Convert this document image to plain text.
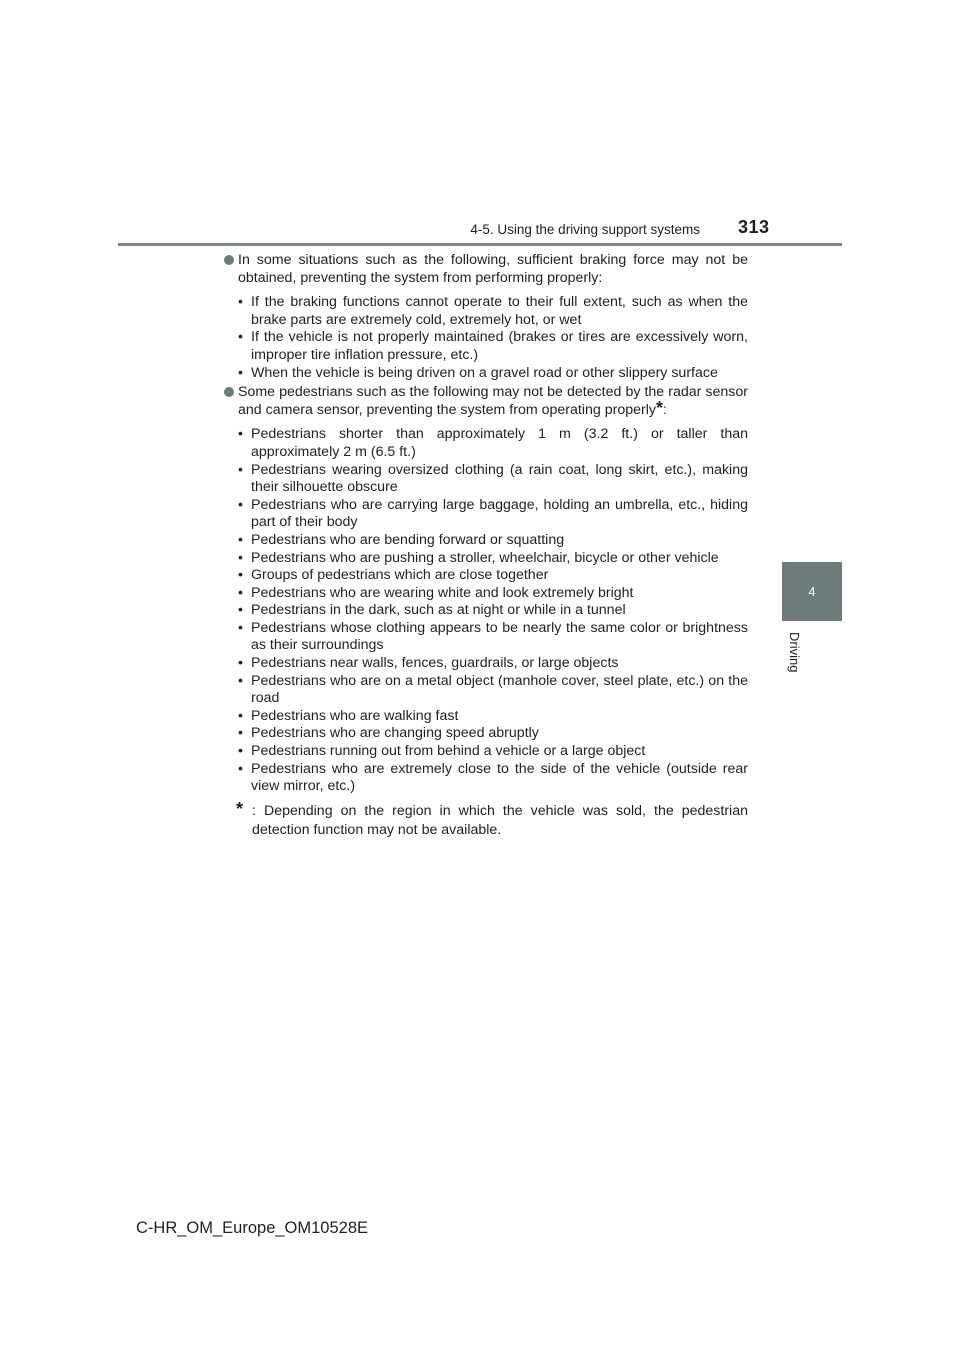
4-5. Using the driving support systems 313
4
Driving

In some situations such as the following, sufficient braking force may not be obtained, preventing the system from performing properly:

• If the braking functions cannot operate to their full extent, such as when the brake parts are extremely cold, extremely hot, or wet
• If the vehicle is not properly maintained (brakes or tires are excessively worn, improper tire inflation pressure, etc.)
• When the vehicle is being driven on a gravel road or other slippery surface

Some pedestrians such as the following may not be detected by the radar sensor and camera sensor, preventing the system from operating properly*:

• Pedestrians shorter than approximately 1 m (3.2 ft.) or taller than approximately 2 m (6.5 ft.)
• Pedestrians wearing oversized clothing (a rain coat, long skirt, etc.), making their silhouette obscure
• Pedestrians who are carrying large baggage, holding an umbrella, etc., hiding part of their body
• Pedestrians who are bending forward or squatting
• Pedestrians who are pushing a stroller, wheelchair, bicycle or other vehicle
• Groups of pedestrians which are close together
• Pedestrians who are wearing white and look extremely bright
• Pedestrians in the dark, such as at night or while in a tunnel
• Pedestrians whose clothing appears to be nearly the same color or brightness as their surroundings
• Pedestrians near walls, fences, guardrails, or large objects
• Pedestrians who are on a metal object (manhole cover, steel plate, etc.) on the road
• Pedestrians who are walking fast
• Pedestrians who are changing speed abruptly
• Pedestrians running out from behind a vehicle or a large object
• Pedestrians who are extremely close to the side of the vehicle (outside rear view mirror, etc.)
* : Depending on the region in which the vehicle was sold, the pedestrian detection function may not be available.
C-HR_OM_Europe_OM10528E
